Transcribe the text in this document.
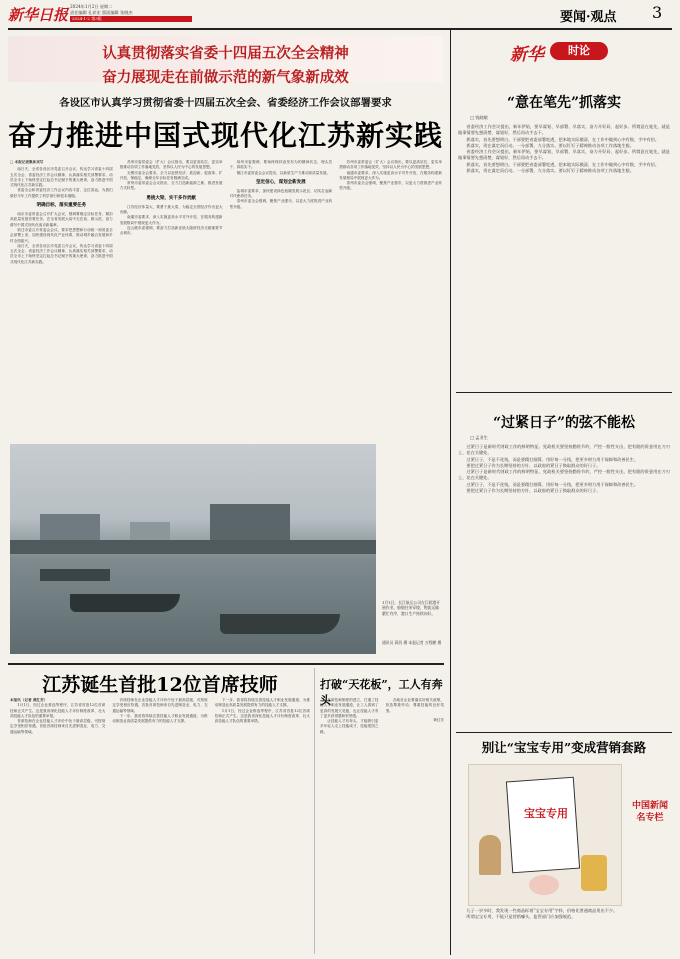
新华日报 2024年1月2日 星期二
责任编辑 孔祥宏 版面编辑 张晓杰
2024-1-2 第3版	要闻·观点 3
认真贯彻落实省委十四届五次全会精神
奋力展现走在前做示范的新气象新成效
各设区市认真学习贯彻省委十四届五次全会、省委经济工作会议部署要求
奋力推进中国式现代化江苏新实践
□ 本报记者集体采写

南日夫，全省各设区市党委召开会议，传达学习省委十四届五次全会、省委经济工作会议精神，认真落实相关部署要求，动员全市上下始终坚定扛起总书记赋予的重大使命，奋力推进中国式现代化江苏新实践。

省委全会和省委经济工作会议内容丰富、定位高远，为我们做好今年工作提供了科学指引和根本遵循。

明确目标，落实重要任务

南京市委常委会召开扩大会议，强调要锚定目标任务，紧扣高质量发展首要任务，在全省发展大局中走在前、做示范，奋力谱写中国式现代化南京新篇章。

宿迁市委召开常委会会议，要求把思想和行动统一到省委全会部署上来，加快建设现代化产业体系，推动城乡融合发展和乡村全面振兴。

南日夫，全省各设区市党委召开会议，传达学习省委十四届五次全会、省委经济工作会议精神，认真落实相关部署要求，动员全市上下始终坚定扛起总书记赋予的重大使命，奋力推进中国式现代化江苏新实践。

苏州市委常委会（扩大）会议指出，要以更高站位、更实举措推动各项工作落地见效，坚持以人民为中心的发展思想。

无锡市委全会要求，全力以赴拼经济、抓创新、促改革、扩开放、保稳定，确保全年目标任务圆满完成。

常州市委常委会会议指出，全力打造新能源之都，推进发展方式转型。

勇挑大梁，实干多作贡献

江苏经济体量大，要勇于挑大梁，为稳定全国经济作出更大贡献。

南通市委要求，深入实施更高水平对外开放，在服务构建新发展格局中展现更大作为。

连云港市委强调，要奋力打造新亚欧大陆桥经济走廊重要节点城市。

扬州市委强调，要始终保持奋发有为的精神状态，埋头苦干、真抓实干。

镇江市委常委会会议提出，以新质生产力推动高质量发展。

坚定信心，谋划全新发展

盐城市委要求，加快建设绿色低碳发展示范区，切实扛起新时代使命任务。

泰州市委全会强调，聚焦产业强市，以更大力度推进产业转型升级。

苏州市委常委会（扩大）会议指出，要以更高站位、更实举措推动各项工作落地见效，坚持以人民为中心的发展思想。

南通市委要求，深入实施更高水平对外开放，在服务构建新发展格局中展现更大作为。

泰州市委全会强调，聚焦产业强市，以更大力度推进产业转型升级。

1月1日，长江航运公司在江阴港开展作业，船舶往来穿梭，物流运输繁忙有序，港口生产持续向好。
通讯员 蒋西 摄 本报记者 万程鹏 摄
江苏诞生首批12位首席技师
本报讯（记者 黄红芳）

1月1日，经过企业推选等程序，江苏省首批12位首席技师正式产生。这是我省深化技能人才评价制度改革、壮大高技能人才队伍的重要举措。

首席技师在企业技能人才评价中处于最高层级，可按规定享受相应待遇。首批首席技师来自先进制造业、电力、交通运输等领域。

首席技师在企业技能人才评价中处于最高层级，可按规定享受相应待遇。首批首席技师来自先进制造业、电力、交通运输等领域。

下一步，我省将持续完善技能人才职业发展通道，为推动制造业高质量发展提供有力的技能人才支撑。

下一步，我省将持续完善技能人才职业发展通道，为推动制造业高质量发展提供有力的技能人才支撑。

1月1日，经过企业推选等程序，江苏省首批12位首席技师正式产生。这是我省深化技能人才评价制度改革、壮大高技能人才队伍的重要举措。

打破“天花板”，工人有奔头

首席技师制度的建立，打通了技能人才职业发展通道，让工人看到了更高的发展天花板，也让技能人才有了更多获得感和荣誉感。

让技能人才有奔头，才能吸引更多年轻人走上技能成才、技能报国之路。

各地各企业要落实好相关政策，营造尊重劳动、尊重技能的良好氛围。

黄红芳
新华	时论
“意在笔先”抓落实
□ 钱晓敏

省委经济工作会议提出，新年伊始，要早谋划、早部署、早落实，奋力开好局、起好步。所谓意在笔先，就是做事情要先想清楚、谋划好，然后再动手去干。

抓落实，首先要想明白。干部要把省委部署吃透，把本地实际摸清，在工作中做到心中有数、手中有招。

抓落实，贵在谋定而后动。一分部署，九分落实。要以钉钉子精神推动各项工作落地生根。

省委经济工作会议提出，新年伊始，要早谋划、早部署、早落实，奋力开好局、起好步。所谓意在笔先，就是做事情要先想清楚、谋划好，然后再动手去干。

抓落实，首先要想明白。干部要把省委部署吃透，把本地实际摸清，在工作中做到心中有数、手中有招。

抓落实，贵在谋定而后动。一分部署，九分落实。要以钉钉子精神推动各项工作落地生根。

“过紧日子”的弦不能松
□ 孟亚生

过紧日子是新时代财政工作的鲜明特征。党政机关要坚持勤俭节约，严控一般性支出，把有限的资金用在刀刃上、花在关键处。

过紧日子，不是不花钱，而是要精打细算、用好每一分钱，把更多财力用于保障和改善民生。

要把过紧日子作为长期坚持的方针，以政府的紧日子换取群众的好日子。

过紧日子是新时代财政工作的鲜明特征。党政机关要坚持勤俭节约，严控一般性支出，把有限的资金用在刀刃上、花在关键处。

过紧日子，不是不花钱，而是要精打细算、用好每一分钱，把更多财力用于保障和改善民生。

要把过紧日子作为长期坚持的方针，以政府的紧日子换取群众的好日子。

别让“宝宝专用”变成营销套路
宝宝专用
中国新闻名专栏

儿子一岁多时，我发现一些商品标着“宝宝专用”字样，价格比普通商品贵出不少。

所谓宝宝专用，不能只是营销噱头，监管部门应加强规范。
